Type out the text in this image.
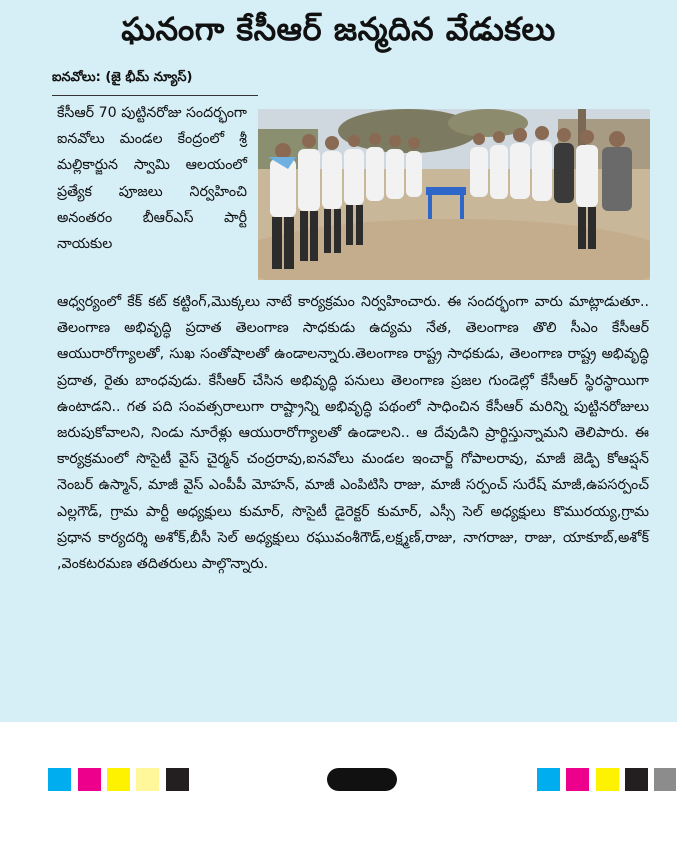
ఘనంగా కేసీఆర్ జన్మదిన వేడుకలు
ఐనవోలు: (జై భీమ్ న్యూస్)
కేసీఆర్ 70 పుట్టినరోజు సందర్భంగా ఐనవోలు మండల కేంద్రంలో శ్రీ మల్లికార్జున స్వామి ఆలయంలో ప్రత్యేక పూజలు నిర్వహించి అనంతరం బీఆర్ఎస్ పార్టీ నాయకుల
ఆధ్వర్యంలో కేక్ కట్ కట్టింగ్,మొక్కలు నాటే కార్యక్రమం నిర్వహించారు. ఈ సందర్భంగా వారు మాట్లాడుతూ.. తెలంగాణ అభివృద్ధి ప్రదాత తెలంగాణ సాధకుడు ఉద్యమ నేత, తెలంగాణ తొలి సీఎం కేసీఆర్ ఆయురారోగ్యాలతో, సుఖ సంతోషాలతో ఉండాలన్నారు.తెలంగాణ రాష్ట్ర సాధకుడు, తెలంగాణ రాష్ట్ర అభివృద్ధి ప్రదాత, రైతు బాంధవుడు. కేసీఆర్ చేసిన అభివృద్ధి పనులు తెలంగాణ ప్రజల గుండెల్లో కేసీఆర్ స్థిరస్థాయిగా ఉంటాడని.. గత పది సంవత్సరాలుగా రాష్ట్రాన్ని అభివృద్ధి పథంలో సాధించిన కేసీఆర్ మరిన్ని పుట్టినరోజులు జరుపుకోవాలని, నిండు నూరేళ్లు ఆయురారోగ్యాలతో ఉండాలని.. ఆ దేవుడిని ప్రార్థిస్తున్నామని తెలిపారు. ఈ కార్యక్రమంలో సొసైటీ వైస్ చైర్మన్ చంద్రరావు,ఐనవోలు మండల ఇంచార్జ్ గోపాలరావు, మాజీ జెడ్పి కోఆప్షన్ నెంబర్ ఉస్మాన్, మాజీ వైస్ ఎంపీపీ మోహన్, మాజీ ఎంపిటిసి రాజు, మాజీ సర్పంచ్ సురేష్ మాజీ,ఉపసర్పంచ్ ఎల్లగౌడ్, గ్రామ పార్టీ అధ్యక్షులు కుమార్, సొసైటీ డైరెక్టర్ కుమార్, ఎస్సీ సెల్ అధ్యక్షులు కొమురయ్య,గ్రామ ప్రధాన కార్యదర్శి అశోక్,బీసీ సెల్ అధ్యక్షులు రఘువంశీగౌడ్,లక్ష్మణ్,రాజు, నాగరాజు, రాజు, యాకూబ్,అశోక్ ,వెంకటరమణ తదితరులు పాల్గొన్నారు.
